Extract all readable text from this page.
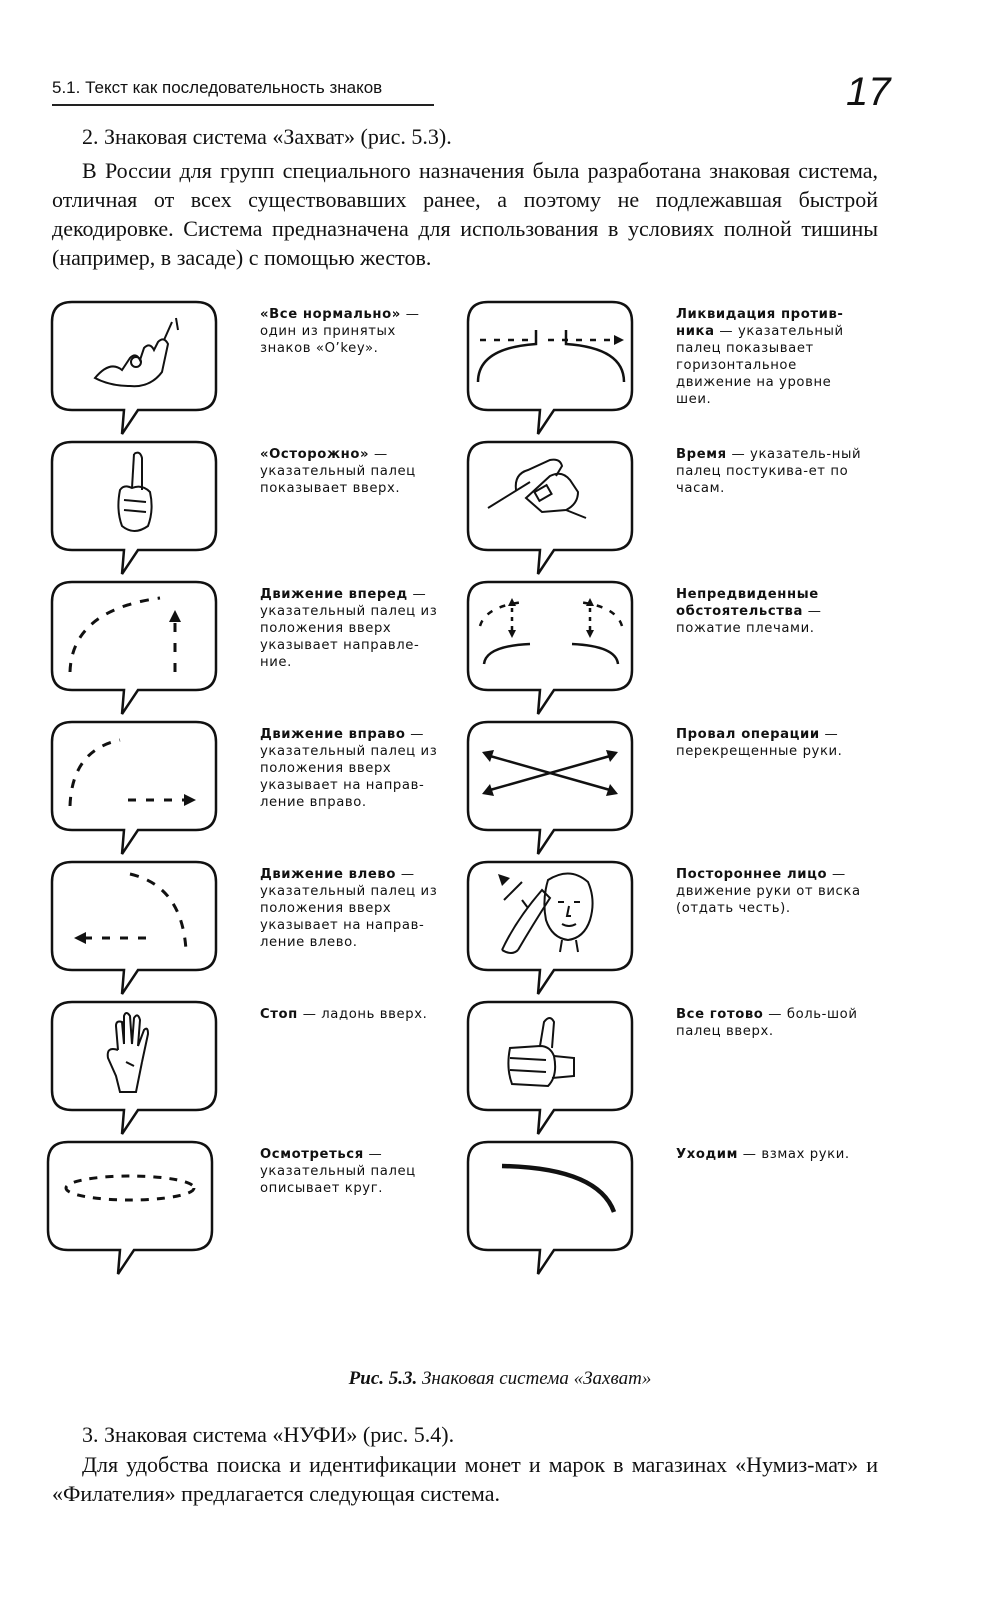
5.1. Текст как последовательность знаков	17

2. Знаковая система «Захват» (рис. 5.3).

В России для групп специального назначения была разработана знаковая система, отличная от всех существовавших ранее, а поэтому не подлежавшая быстрой декодировке. Система предназначена для использования в условиях полной тишины (например, в засаде) с помощью жестов.

«Все нормально» — один из принятых знаков «O’key».
«Осторожно» — указательный палец показывает вверх.
Движение вперед — указательный палец из положения вверх указывает направле-ние.
Движение вправо — указательный палец из положения вверх указывает на направ-ление вправо.
Движение влево — указательный палец из положения вверх указывает на направ-ление влево.
Стоп — ладонь вверх.
Осмотреться — указательный палец описывает круг.
Ликвидация против-ника — указательный палец показывает горизонтальное движение на уровне шеи.
Время — указатель-ный палец постукива-ет по часам.
Непредвиденные обстоятельства — пожатие плечами.
Провал операции — перекрещенные руки.
Постороннее лицо — движение руки от виска (отдать честь).
Все готово — боль-шой палец вверх.
Уходим — взмах руки.
Рис. 5.3. Знаковая система «Захват»

3. Знаковая система «НУФИ» (рис. 5.4).

Для удобства поиска и идентификации монет и марок в магазинах «Нумиз-мат» и «Филателия» предлагается следующая система.
